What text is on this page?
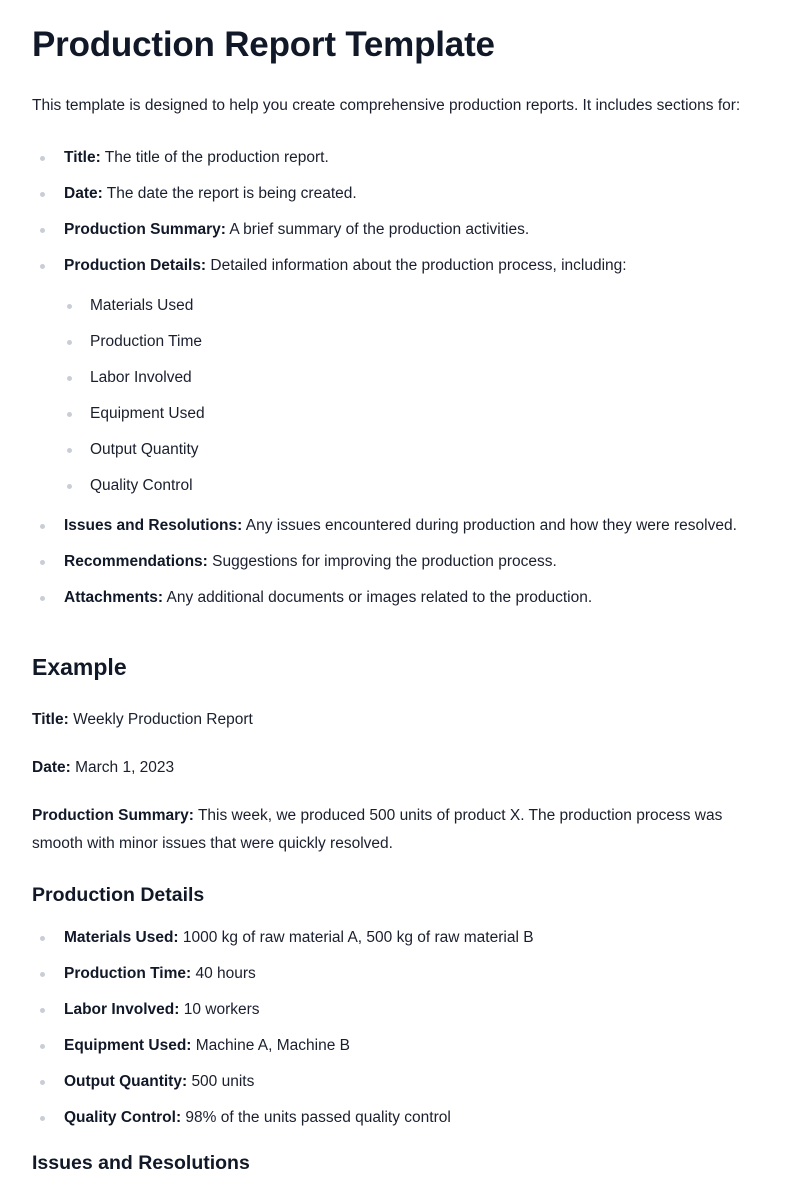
Production Report Template

This template is designed to help you create comprehensive production reports. It includes sections for:

Title: The title of the production report.
Date: The date the report is being created.
Production Summary: A brief summary of the production activities.
Production Details: Detailed information about the production process, including:
Materials Used
Production Time
Labor Involved
Equipment Used
Output Quantity
Quality Control
Issues and Resolutions: Any issues encountered during production and how they were resolved.
Recommendations: Suggestions for improving the production process.
Attachments: Any additional documents or images related to the production.
Example

Title: Weekly Production Report

Date: March 1, 2023

Production Summary: This week, we produced 500 units of product X. The production process was smooth with minor issues that were quickly resolved.

Production Details
Materials Used: 1000 kg of raw material A, 500 kg of raw material B
Production Time: 40 hours
Labor Involved: 10 workers
Equipment Used: Machine A, Machine B
Output Quantity: 500 units
Quality Control: 98% of the units passed quality control
Issues and Resolutions
